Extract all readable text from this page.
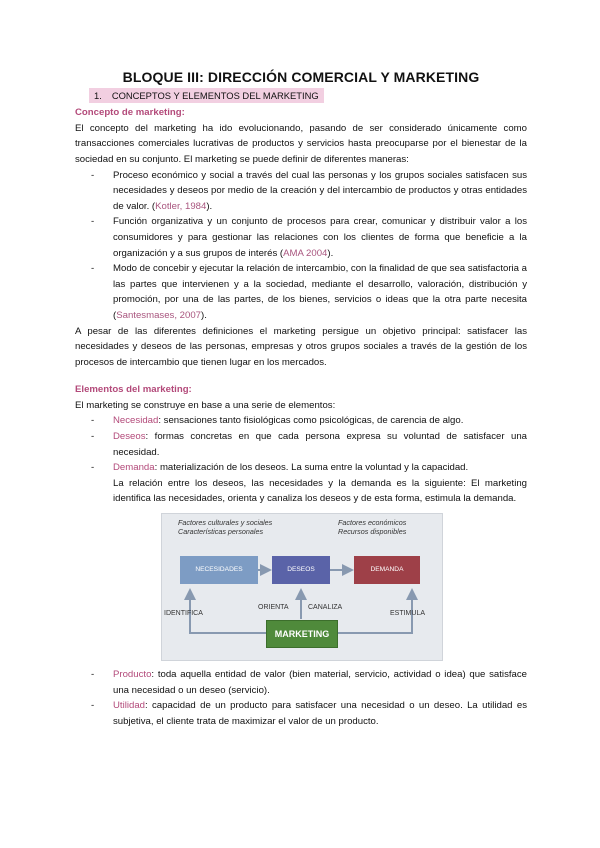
BLOQUE III: DIRECCIÓN COMERCIAL Y MARKETING
1. CONCEPTOS Y ELEMENTOS DEL MARKETING
Concepto de marketing:

El concepto del marketing ha ido evolucionando, pasando de ser considerado únicamente como transacciones comerciales lucrativas de productos y servicios hasta preocuparse por el bienestar de la sociedad en su conjunto. El marketing se puede definir de diferentes maneras:

- Proceso económico y social a través del cual las personas y los grupos sociales satisfacen sus necesidades y deseos por medio de la creación y del intercambio de productos y otras entidades de valor. (Kotler, 1984).
- Función organizativa y un conjunto de procesos para crear, comunicar y distribuir valor a los consumidores y para gestionar las relaciones con los clientes de forma que beneficie a la organización y a sus grupos de interés (AMA 2004).
- Modo de concebir y ejecutar la relación de intercambio, con la finalidad de que sea satisfactoria a las partes que intervienen y a la sociedad, mediante el desarrollo, valoración, distribución y promoción, por una de las partes, de los bienes, servicios o ideas que la otra parte necesita (Santesmases, 2007).

A pesar de las diferentes definiciones el marketing persigue un objetivo principal: satisfacer las necesidades y deseos de las personas, empresas y otros grupos sociales a través de la gestión de los procesos de intercambio que tienen lugar en los mercados.

Elementos del marketing:

El marketing se construye en base a una serie de elementos:

- Necesidad: sensaciones tanto fisiológicas como psicológicas, de carencia de algo.
- Deseos: formas concretas en que cada persona expresa su voluntad de satisfacer una necesidad.
- Demanda: materialización de los deseos. La suma entre la voluntad y la capacidad.
La relación entre los deseos, las necesidades y la demanda es la siguiente: El marketing identifica las necesidades, orienta y canaliza los deseos y de esta forma, estimula la demanda.
Factores culturales y sociales
Características personales
Factores económicos
Recursos disponibles
NECESIDADES	DESEOS	DEMANDA
IDENTIFICA
ORIENTA	CANALIZA
ESTIMULA
MARKETING
- Producto: toda aquella entidad de valor (bien material, servicio, actividad o idea) que satisface una necesidad o un deseo (servicio).
- Utilidad: capacidad de un producto para satisfacer una necesidad o un deseo. La utilidad es subjetiva, el cliente trata de maximizar el valor de un producto.
